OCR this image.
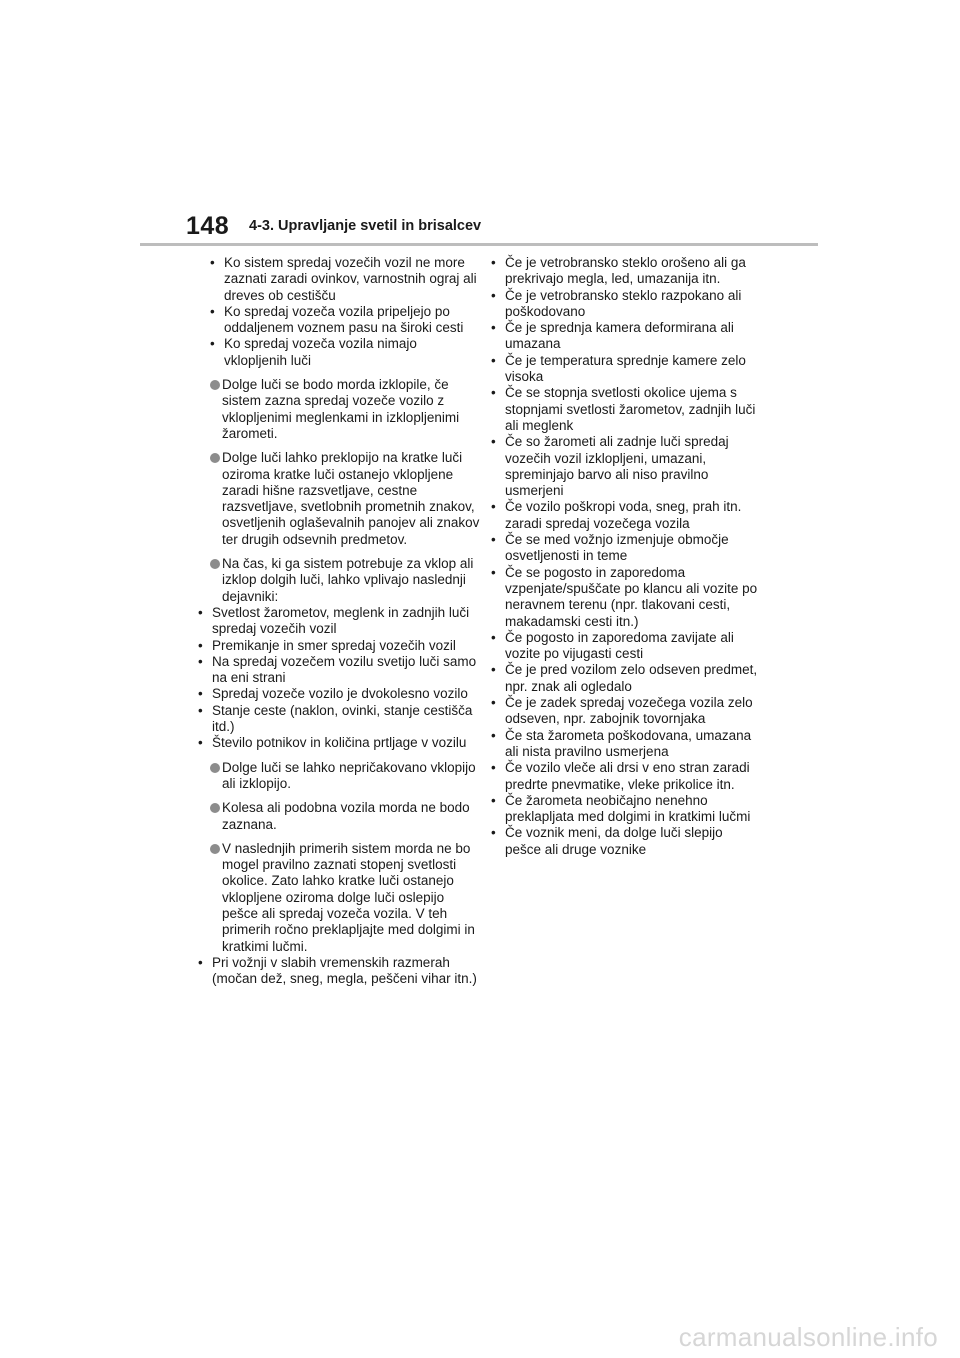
148 4-3. Upravljanje svetil in brisalcev
• Ko sistem spredaj vozečih vozil ne more zaznati zaradi ovinkov, varnostnih ograj ali dreves ob cestišču
• Ko spredaj vozeča vozila pripeljejo po oddaljenem voznem pasu na široki cesti
• Ko spredaj vozeča vozila nimajo vklopljenih luči
Dolge luči se bodo morda izklopile, če sistem zazna spredaj vozeče vozilo z vklopljenimi meglenkami in izklopljenimi žarometi.
Dolge luči lahko preklopijo na kratke luči oziroma kratke luči ostanejo vklopljene zaradi hišne razsvetljave, cestne razsvetljave, svetlobnih prometnih znakov, osvetljenih oglaševalnih panojev ali znakov ter drugih odsevnih predmetov.
Na čas, ki ga sistem potrebuje za vklop ali izklop dolgih luči, lahko vplivajo naslednji dejavniki:
• Svetlost žarometov, meglenk in zadnjih luči spredaj vozečih vozil
• Premikanje in smer spredaj vozečih vozil
• Na spredaj vozečem vozilu svetijo luči samo na eni strani
• Spredaj vozeče vozilo je dvokolesno vozilo
• Stanje ceste (naklon, ovinki, stanje cestišča itd.)
• Število potnikov in količina prtljage v vozilu
Dolge luči se lahko nepričakovano vklopijo ali izklopijo.
Kolesa ali podobna vozila morda ne bodo zaznana.
V naslednjih primerih sistem morda ne bo mogel pravilno zaznati stopenj svetlosti okolice. Zato lahko kratke luči ostanejo vklopljene oziroma dolge luči oslepijo pešce ali spredaj vozeča vozila. V teh primerih ročno preklapljajte med dolgimi in kratkimi lučmi.
• Pri vožnji v slabih vremenskih razmerah (močan dež, sneg, megla, peščeni vihar itn.)
• Če je vetrobransko steklo orošeno ali ga prekrivajo megla, led, umazanija itn.
• Če je vetrobransko steklo razpokano ali poškodovano
• Če je sprednja kamera deformirana ali umazana
• Če je temperatura sprednje kamere zelo visoka
• Če se stopnja svetlosti okolice ujema s stopnjami svetlosti žarometov, zadnjih luči ali meglenk
• Če so žarometi ali zadnje luči spredaj vozečih vozil izklopljeni, umazani, spreminjajo barvo ali niso pravilno usmerjeni
• Če vozilo poškropi voda, sneg, prah itn. zaradi spredaj vozečega vozila
• Če se med vožnjo izmenjuje območje osvetljenosti in teme
• Če se pogosto in zaporedoma vzpenjate/spuščate po klancu ali vozite po neravnem terenu (npr. tlakovani cesti, makadamski cesti itn.)
• Če pogosto in zaporedoma zavijate ali vozite po vijugasti cesti
• Če je pred vozilom zelo odseven predmet, npr. znak ali ogledalo
• Če je zadek spredaj vozečega vozila zelo odseven, npr. zabojnik tovornjaka
• Če sta žarometa poškodovana, umazana ali nista pravilno usmerjena
• Če vozilo vleče ali drsi v eno stran zaradi predrte pnevmatike, vleke prikolice itn.
• Če žarometa neobičajno nenehno preklapljata med dolgimi in kratkimi lučmi
• Če voznik meni, da dolge luči slepijo pešce ali druge voznike
carmanualsonline.info
